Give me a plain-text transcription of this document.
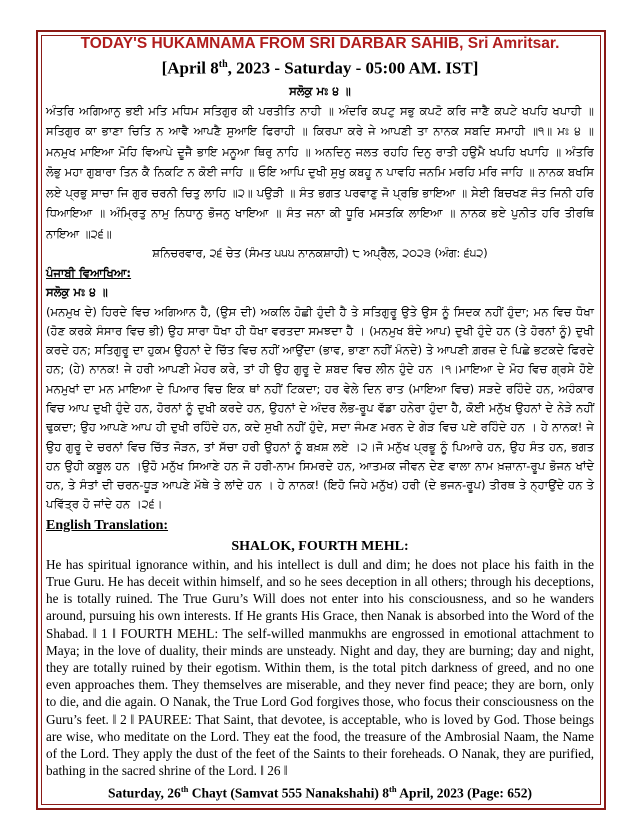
TODAY'S HUKAMNAMA FROM SRI DARBAR SAHIB, Sri Amritsar.
[April 8th, 2023 - Saturday - 05:00 AM. IST]
ਸਲੋਕੁ ਮਃ ੪ ॥
ਅੰਤਰਿ ਅਗਿਆਨੁ ਭਈ ਮਤਿ ਮਧਿਮ ਸਤਿਗੁਰ ਕੀ ਪਰਤੀਤਿ ਨਾਹੀ ॥ ਅੰਦਰਿ ਕਪਟੁ ਸਭੁ ਕਪਟੋ ਕਰਿ ਜਾਣੈ ਕਪਟੇ ਖਪਹਿ ਖਪਾਹੀ ॥ ਸਤਿਗੁਰ ਕਾ ਭਾਣਾ ਚਿਤਿ ਨ ਆਵੈ ਆਪਣੈ ਸੁਆਇ ਫਿਰਾਹੀ ॥ ਕਿਰਪਾ ਕਰੇ ਜੇ ਆਪਣੀ ਤਾ ਨਾਨਕ ਸਬਦਿ ਸਮਾਹੀ ॥੧॥ ਮਃ ੪ ॥ ਮਨਮੁਖ ਮਾਇਆ ਮੋਹਿ ਵਿਆਪੇ ਦੂਜੈ ਭਾਇ ਮਨੂਆ ਥਿਰੁ ਨਾਹਿ ॥ ਅਨਦਿਨੁ ਜਲਤ ਰਹਹਿ ਦਿਨੁ ਰਾਤੀ ਹਉਮੈ ਖਪਹਿ ਖਪਾਹਿ ॥ ਅੰਤਰਿ ਲੋਭੁ ਮਹਾ ਗੁਬਾਰਾ ਤਿਨ ਕੈ ਨਿਕਟਿ ਨ ਕੋਈ ਜਾਹਿ ॥ ਓਇ ਆਪਿ ਦੁਖੀ ਸੁਖੁ ਕਬਹੂ ਨ ਪਾਵਹਿ ਜਨਮਿ ਮਰਹਿ ਮਰਿ ਜਾਹਿ ॥ ਨਾਨਕ ਬਖਸਿ ਲਏ ਪ੍ਰਭੁ ਸਾਚਾ ਜਿ ਗੁਰ ਚਰਨੀ ਚਿਤੁ ਲਾਹਿ ॥੨॥ ਪਉੜੀ ॥ ਸੰਤ ਭਗਤ ਪਰਵਾਣੁ ਜੋ ਪ੍ਰਭਿ ਭਾਇਆ ॥ ਸੇਈ ਬਿਚਖਣ ਜੰਤ ਜਿਨੀ ਹਰਿ ਧਿਆਇਆ ॥ ਅੰਮ੍ਰਿਤੁ ਨਾਮੁ ਨਿਧਾਨੁ ਭੋਜਨੁ ਖਾਇਆ ॥ ਸੰਤ ਜਨਾ ਕੀ ਧੂਰਿ ਮਸਤਕਿ ਲਾਇਆ ॥ ਨਾਨਕ ਭਏ ਪੁਨੀਤ ਹਰਿ ਤੀਰਥਿ ਨਾਇਆ ॥੨੬॥
ਸ਼ਨਿਚਰਵਾਰ, ੨੬ ਚੇਤ (ਸੰਮਤ ੫੫੫ ਨਾਨਕਸ਼ਾਹੀ) ੮ ਅਪ੍ਰੈਲ, ੨੦੨੩ (ਅੰਗ: ੬੫੨)
ਪੰਜਾਬੀ ਵਿਆਖਿਆ:
ਸਲੋਕੁ ਮਃ ੪ ॥
(ਮਨਮੁਖ ਦੇ) ਹਿਰਦੇ ਵਿਚ ਅਗਿਆਨ ਹੈ, (ਉਸ ਦੀ) ਅਕਲਿ ਹੋਛੀ ਹੁੰਦੀ ਹੈ ਤੇ ਸਤਿਗੁਰੂ ਉਤੇ ਉਸ ਨੂੰ ਸਿਦਕ ਨਹੀਂ ਹੁੰਦਾ; ਮਨ ਵਿਚ ਧੋਖਾ (ਹੋਣ ਕਰਕੇ ਸੰਸਾਰ ਵਿਚ ਭੀ) ਉਹ ਸਾਰਾ ਧੋਖਾ ਹੀ ਧੋਖਾ ਵਰਤਦਾ ਸਮਝਦਾ ਹੈ । (ਮਨਮੁਖ ਬੰਦੇ ਆਪ) ਦੁਖੀ ਹੁੰਦੇ ਹਨ (ਤੇ ਹੋਰਨਾਂ ਨੂੰ) ਦੁਖੀ ਕਰਦੇ ਹਨ; ਸਤਿਗੁਰੂ ਦਾ ਹੁਕਮ ਉਹਨਾਂ ਦੇ ਚਿੱਤ ਵਿਚ ਨਹੀਂ ਆਉਂਦਾ (ਭਾਵ, ਭਾਣਾ ਨਹੀਂ ਮੰਨਦੇ) ਤੇ ਆਪਣੀ ਗ਼ਰਜ਼ ਦੇ ਪਿਛੇ ਭਟਕਦੇ ਫਿਰਦੇ ਹਨ; (ਹੇ) ਨਾਨਕ! ਜੇ ਹਰੀ ਆਪਣੀ ਮੇਹਰ ਕਰੇ, ਤਾਂ ਹੀ ਉਹ ਗੁਰੂ ਦੇ ਸ਼ਬਦ ਵਿਚ ਲੀਨ ਹੁੰਦੇ ਹਨ ।੧।ਮਾਇਆ ਦੇ ਮੋਹ ਵਿਚ ਗ੍ਰਸੇ ਹੋਏ ਮਨਮੁਖਾਂ ਦਾ ਮਨ ਮਾਇਆ ਦੇ ਪਿਆਰ ਵਿਚ ਇਕ ਥਾਂ ਨਹੀਂ ਟਿਕਦਾ; ਹਰ ਵੇਲੇ ਦਿਨ ਰਾਤ (ਮਾਇਆ ਵਿਚ) ਸੜਦੇ ਰਹਿੰਦੇ ਹਨ, ਅਹੰਕਾਰ ਵਿਚ ਆਪ ਦੁਖੀ ਹੁੰਦੇ ਹਨ, ਹੋਰਨਾਂ ਨੂੰ ਦੁਖੀ ਕਰਦੇ ਹਨ, ਉਹਨਾਂ ਦੇ ਅੰਦਰ ਲੋਭ-ਰੂਪ ਵੱਡਾ ਹਨੇਰਾ ਹੁੰਦਾ ਹੈ, ਕੋਈ ਮਨੁੱਖ ਉਹਨਾਂ ਦੇ ਨੇੜੇ ਨਹੀਂ ਢੁਕਦਾ; ਉਹ ਆਪਣੇ ਆਪ ਹੀ ਦੁਖੀ ਰਹਿੰਦੇ ਹਨ, ਕਦੇ ਸੁਖੀ ਨਹੀਂ ਹੁੰਦੇ, ਸਦਾ ਜੰਮਣ ਮਰਨ ਦੇ ਗੇੜ ਵਿਚ ਪਏ ਰਹਿੰਦੇ ਹਨ । ਹੇ ਨਾਨਕ! ਜੇ ਉਹ ਗੁਰੂ ਦੇ ਚਰਨਾਂ ਵਿਚ ਚਿੱਤ ਜੋੜਨ, ਤਾਂ ਸੱਚਾ ਹਰੀ ਉਹਨਾਂ ਨੂੰ ਬਖ਼ਸ਼ ਲਏ ।੨।ਜੋ ਮਨੁੱਖ ਪ੍ਰਭੂ ਨੂੰ ਪਿਆਰੇ ਹਨ, ਉਹ ਸੰਤ ਹਨ, ਭਗਤ ਹਨ ਉਹੀ ਕਬੂਲ ਹਨ ।ਉਹੋ ਮਨੁੱਖ ਸਿਆਣੇ ਹਨ ਜੋ ਹਰੀ-ਨਾਮ ਸਿਮਰਦੇ ਹਨ, ਆਤਮਕ ਜੀਵਨ ਦੇਣ ਵਾਲਾ ਨਾਮ ਖ਼ਜ਼ਾਨਾ-ਰੂਪ ਭੋਜਨ ਖਾਂਦੇ ਹਨ, ਤੇ ਸੰਤਾਂ ਦੀ ਚਰਨ-ਧੂੜ ਆਪਣੇ ਮੱਥੇ ਤੇ ਲਾਂਦੇ ਹਨ । ਹੇ ਨਾਨਕ! (ਇਹੋ ਜਿਹੇ ਮਨੁੱਖ) ਹਰੀ (ਦੇ ਭਜਨ-ਰੂਪ) ਤੀਰਥ ਤੇ ਨ੍ਹਾਉਂਦੇ ਹਨ ਤੇ ਪਵਿੱਤ੍ਰ ਹੋ ਜਾਂਦੇ ਹਨ ।੨੬।
English Translation:
SHALOK, FOURTH MEHL:
He has spiritual ignorance within, and his intellect is dull and dim; he does not place his faith in the True Guru. He has deceit within himself, and so he sees deception in all others; through his deceptions, he is totally ruined. The True Guru’s Will does not enter into his consciousness, and so he wanders around, pursuing his own interests. If He grants His Grace, then Nanak is absorbed into the Word of the Shabad. ‖ 1 ‖ FOURTH MEHL: The self-willed manmukhs are engrossed in emotional attachment to Maya; in the love of duality, their minds are unsteady. Night and day, they are burning; day and night, they are totally ruined by their egotism. Within them, is the total pitch darkness of greed, and no one even approaches them. They themselves are miserable, and they never find peace; they are born, only to die, and die again. O Nanak, the True Lord God forgives those, who focus their consciousness on the Guru’s feet. ‖ 2 ‖ PAUREE: That Saint, that devotee, is acceptable, who is loved by God. Those beings are wise, who meditate on the Lord. They eat the food, the treasure of the Ambrosial Naam, the Name of the Lord. They apply the dust of the feet of the Saints to their foreheads. O Nanak, they are purified, bathing in the sacred shrine of the Lord. ‖ 26 ‖
Saturday, 26th Chayt (Samvat 555 Nanakshahi) 8th April, 2023 (Page: 652)
